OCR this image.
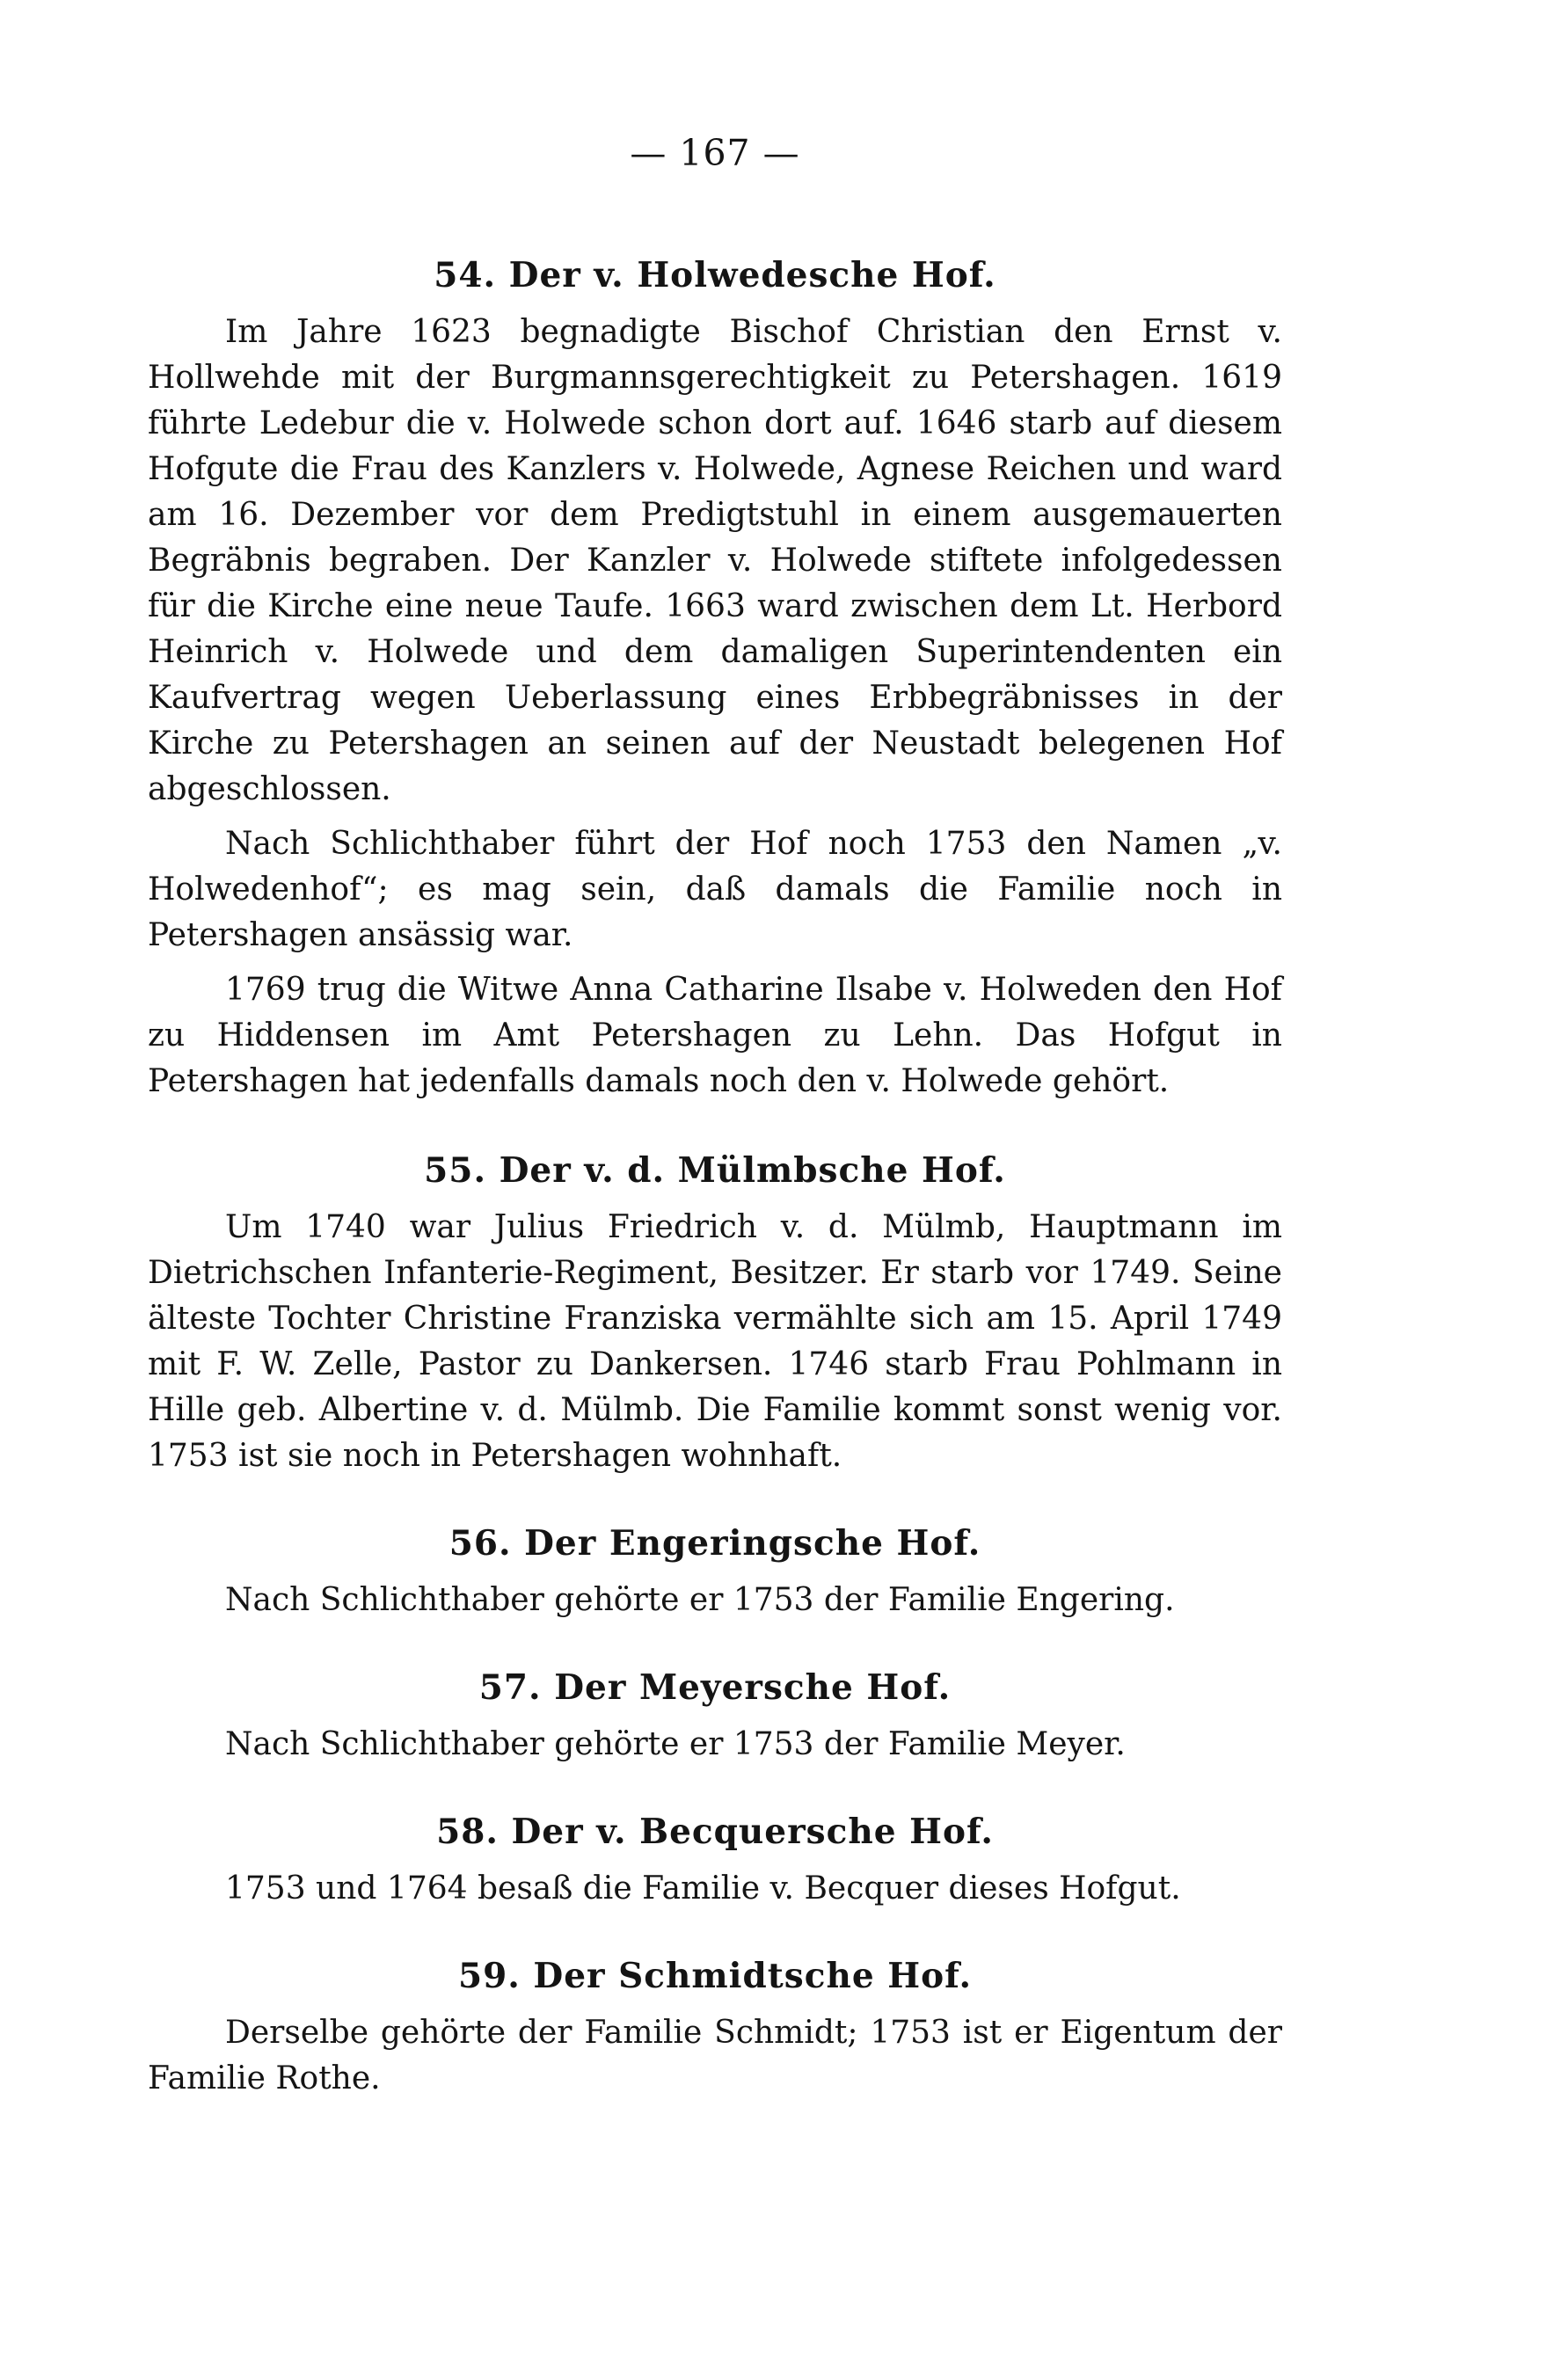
— 167 —
54. Der v. Holwedesche Hof.

Im Jahre 1623 begnadigte Bischof Christian den Ernst v. Hollwehde mit der Burgmannsgerechtigkeit zu Petershagen. 1619 führte Ledebur die v. Holwede schon dort auf. 1646 starb auf diesem Hofgute die Frau des Kanzlers v. Holwede, Agnese Reichen und ward am 16. Dezember vor dem Predigtstuhl in einem ausgemauerten Begräbnis begraben. Der Kanzler v. Holwede stiftete infolgedessen für die Kirche eine neue Taufe. 1663 ward zwischen dem Lt. Herbord Heinrich v. Holwede und dem damaligen Superintendenten ein Kaufvertrag wegen Ueberlassung eines Erbbegräbnisses in der Kirche zu Petershagen an seinen auf der Neustadt belegenen Hof abgeschlossen.

Nach Schlichthaber führt der Hof noch 1753 den Namen „v. Holwedenhof“; es mag sein, daß damals die Familie noch in Petershagen ansässig war.

1769 trug die Witwe Anna Catharine Ilsabe v. Holweden den Hof zu Hiddensen im Amt Petershagen zu Lehn. Das Hofgut in Petershagen hat jedenfalls damals noch den v. Holwede gehört.

55. Der v. d. Mülmbsche Hof.

Um 1740 war Julius Friedrich v. d. Mülmb, Hauptmann im Dietrichschen Infanterie-Regiment, Besitzer. Er starb vor 1749. Seine älteste Tochter Christine Franziska vermählte sich am 15. April 1749 mit F. W. Zelle, Pastor zu Dankersen. 1746 starb Frau Pohlmann in Hille geb. Albertine v. d. Mülmb. Die Familie kommt sonst wenig vor. 1753 ist sie noch in Petershagen wohnhaft.

56. Der Engeringsche Hof.

Nach Schlichthaber gehörte er 1753 der Familie Engering.

57. Der Meyersche Hof.

Nach Schlichthaber gehörte er 1753 der Familie Meyer.

58. Der v. Becquersche Hof.

1753 und 1764 besaß die Familie v. Becquer dieses Hofgut.

59. Der Schmidtsche Hof.

Derselbe gehörte der Familie Schmidt; 1753 ist er Eigentum der Familie Rothe.
